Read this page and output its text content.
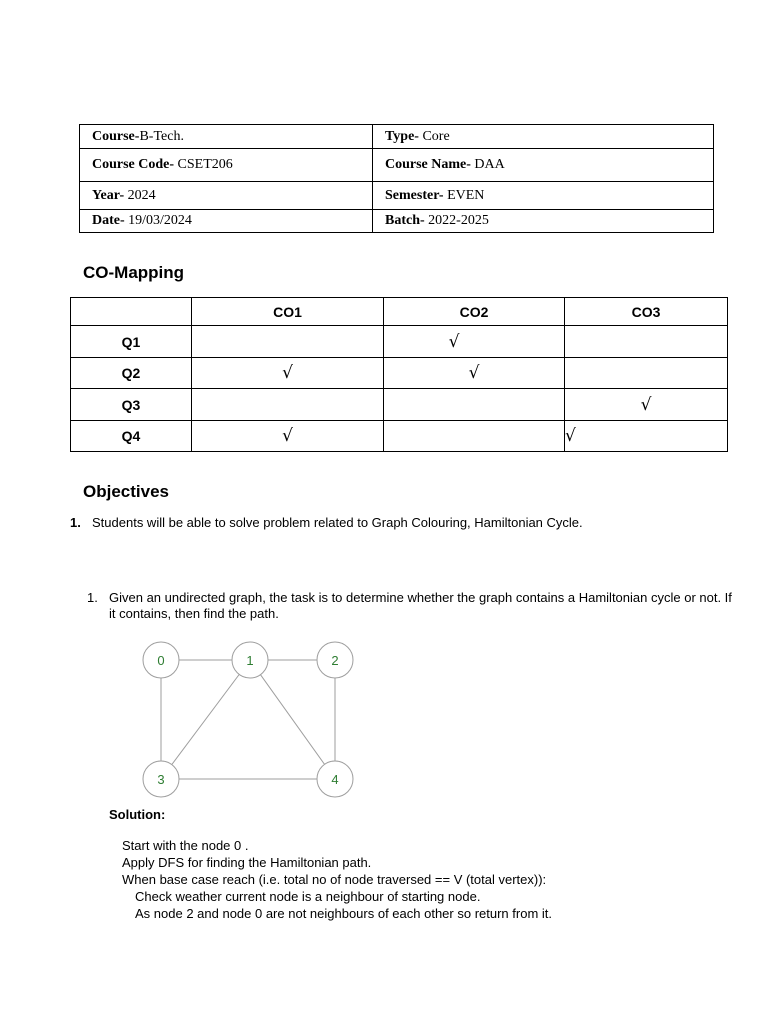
Course-B-Tech.	Type- Core
Course Code- CSET206	Course Name- DAA
Year- 2024	Semester- EVEN
Date- 19/03/2024	Batch- 2022-2025
CO-Mapping
	CO1	CO2	CO3
Q1		√	
Q2	√	√	
Q3			√
Q4	√		√
Objectives
1. Students will be able to solve problem related to Graph Colouring, Hamiltonian Cycle.
1. Given an undirected graph, the task is to determine whether the graph contains a Hamiltonian cycle or not. If
it contains, then find the path.
0	1	2
3	4
Solution:
Start with the node 0 .
Apply DFS for finding the Hamiltonian path.
When base case reach (i.e. total no of node traversed == V (total vertex)):
Check weather current node is a neighbour of starting node.
As node 2 and node 0 are not neighbours of each other so return from it.
